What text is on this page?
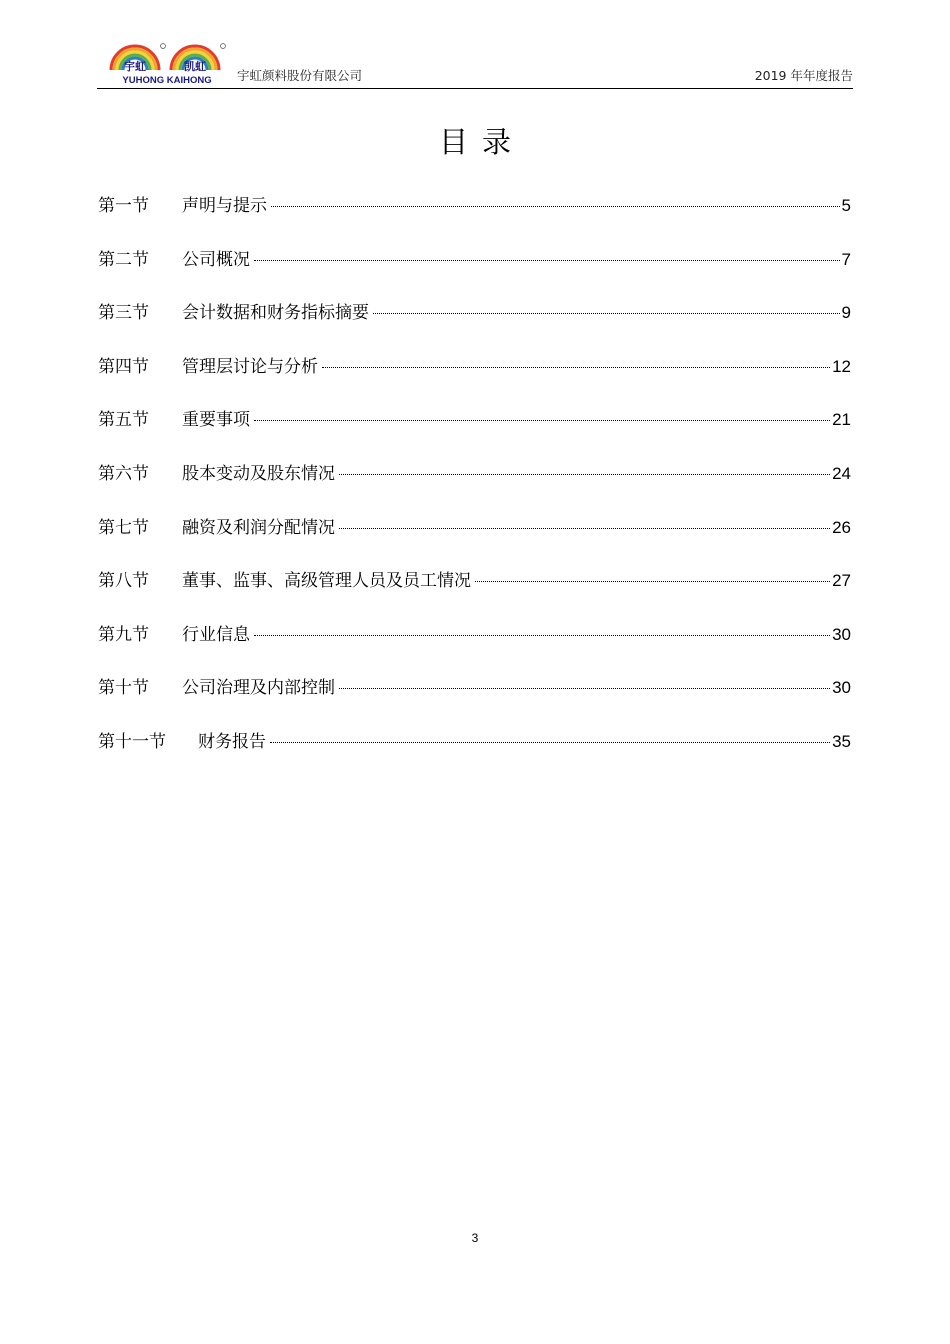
宇虹	凯虹
YUHONG KAIHONG 宇虹颜料股份有限公司	2019 年年度报告
目录
第一节	声明与提示	5
第二节	公司概况	7
第三节	会计数据和财务指标摘要	9
第四节	管理层讨论与分析	12
第五节	重要事项	21
第六节	股本变动及股东情况	24
第七节	融资及利润分配情况	26
第八节	董事、监事、高级管理人员及员工情况	27
第九节	行业信息	30
第十节	公司治理及内部控制	30
第十一节	财务报告	35
3
